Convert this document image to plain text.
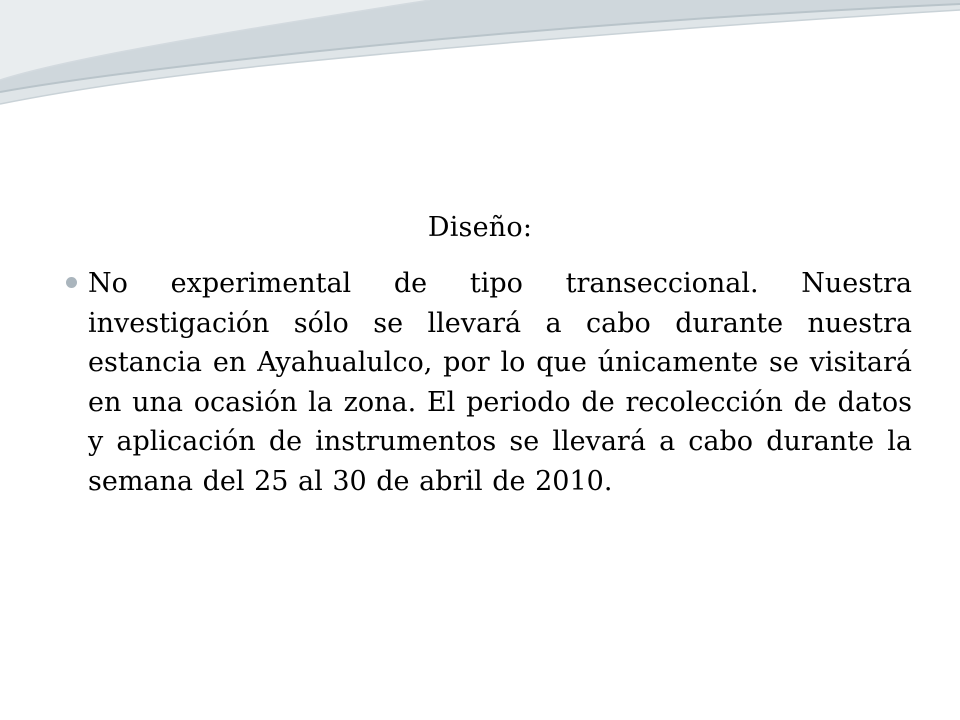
Diseño:

No experimental de tipo transeccional. Nuestra investigación sólo se llevará a cabo durante nuestra estancia en Ayahualulco, por lo que únicamente se visitará en una ocasión la zona. El periodo de recolección de datos y aplicación de instrumentos se llevará a cabo durante la semana del 25 al 30 de abril de 2010.
